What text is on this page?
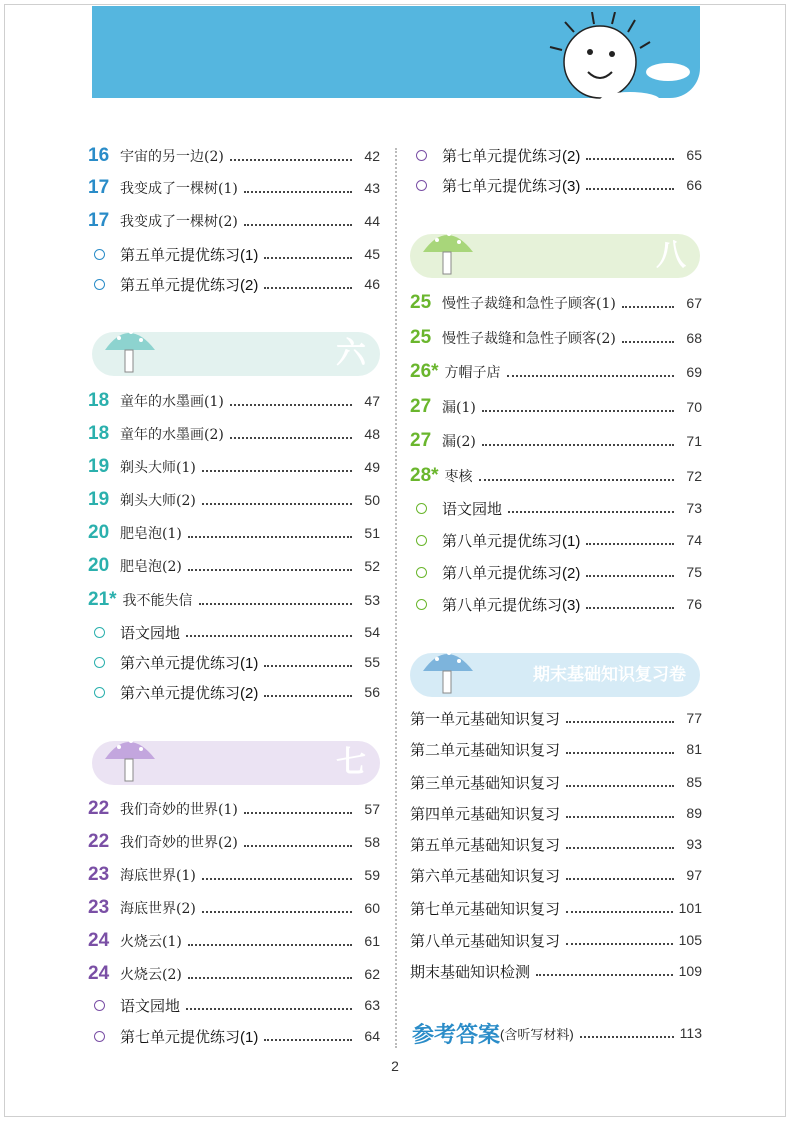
六
七
八
期末基础知识复习卷
16 宇宙的另一边(2)	42
17 我变成了一棵树(1)	43
17 我变成了一棵树(2)	44
第五单元提优练习(1)	45
第五单元提优练习(2)	46
18 童年的水墨画(1)	47
18 童年的水墨画(2)	48
19 剃头大师(1)	49
19 剃头大师(2)	50
20 肥皂泡(1)	51
20 肥皂泡(2)	52
21* 我不能失信	53
语文园地	54
第六单元提优练习(1)	55
第六单元提优练习(2)	56
22 我们奇妙的世界(1)	57
22 我们奇妙的世界(2)	58
23 海底世界(1)	59
23 海底世界(2)	60
24 火烧云(1)	61
24 火烧云(2)	62
语文园地	63
第七单元提优练习(1)	64
第七单元提优练习(2)	65
第七单元提优练习(3)	66
25 慢性子裁缝和急性子顾客(1)	67
25 慢性子裁缝和急性子顾客(2)	68
26* 方帽子店	69
27 漏(1)	70
27 漏(2)	71
28* 枣核	72
语文园地	73
第八单元提优练习(1)	74
第八单元提优练习(2)	75
第八单元提优练习(3)	76
第一单元基础知识复习	77
第二单元基础知识复习	81
第三单元基础知识复习	85
第四单元基础知识复习	89
第五单元基础知识复习	93
第六单元基础知识复习	97
第七单元基础知识复习	101
第八单元基础知识复习	105
期末基础知识检测	109
参考答案 (含听写材料)	113
2
